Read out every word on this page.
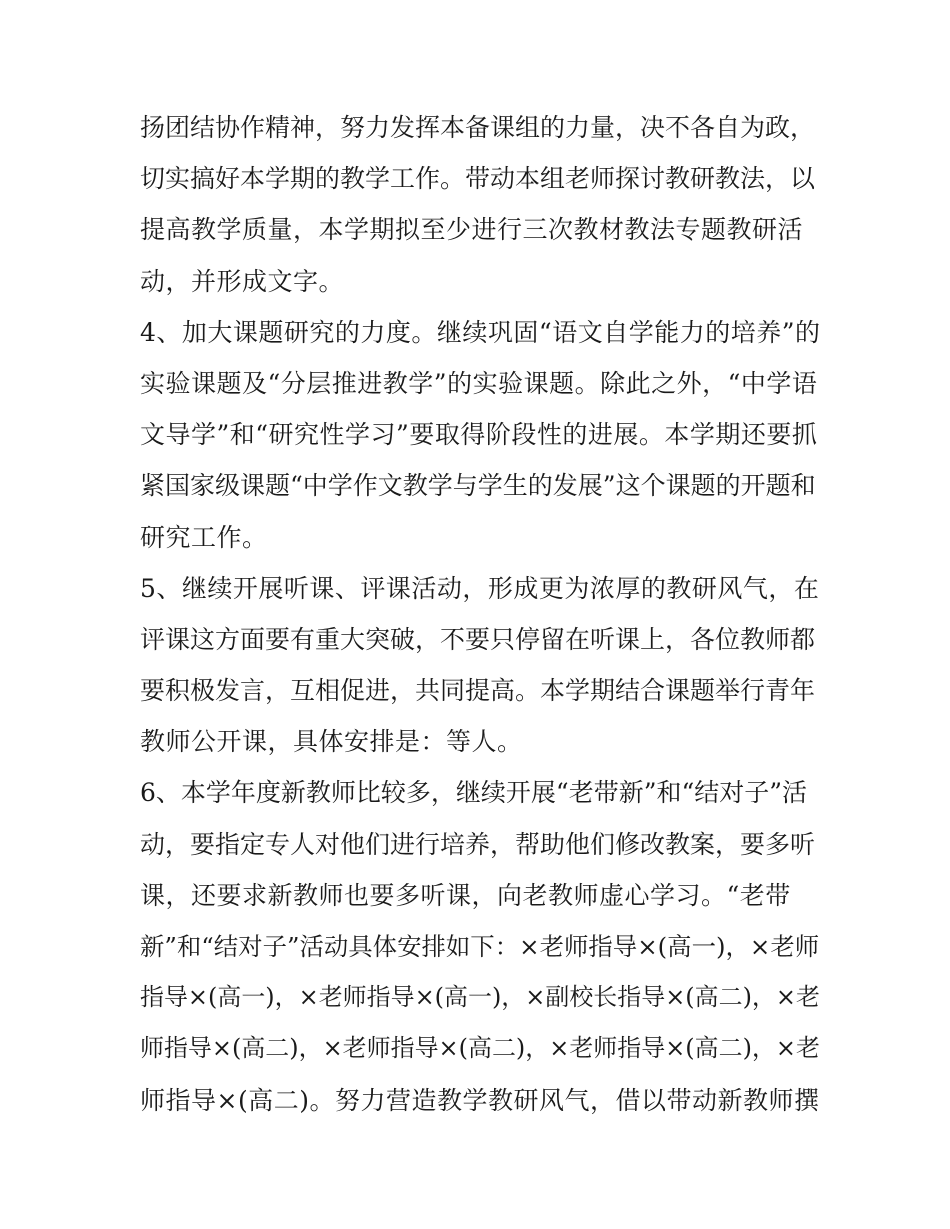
扬团结协作精神，努力发挥本备课组的力量，决不各自为政，
切实搞好本学期的教学工作。带动本组老师探讨教研教法，以
提高教学质量，本学期拟至少进行三次教材教法专题教研活
动，并形成文字。
4、加大课题研究的力度。继续巩固“语文自学能力的培养”的
实验课题及“分层推进教学”的实验课题。除此之外，“中学语
文导学”和“研究性学习”要取得阶段性的进展。本学期还要抓
紧国家级课题“中学作文教学与学生的发展”这个课题的开题和
研究工作。
5、继续开展听课、评课活动，形成更为浓厚的教研风气，在
评课这方面要有重大突破，不要只停留在听课上，各位教师都
要积极发言，互相促进，共同提高。本学期结合课题举行青年
教师公开课，具体安排是：等人。
6、本学年度新教师比较多，继续开展“老带新”和“结对子”活
动，要指定专人对他们进行培养，帮助他们修改教案，要多听
课，还要求新教师也要多听课，向老教师虚心学习。“老带
新”和“结对子”活动具体安排如下：×老师指导×(高一)，×老师
指导×(高一)，×老师指导×(高一)，×副校长指导×(高二)，×老
师指导×(高二)，×老师指导×(高二)，×老师指导×(高二)，×老
师指导×(高二)。努力营造教学教研风气，借以带动新教师撰
